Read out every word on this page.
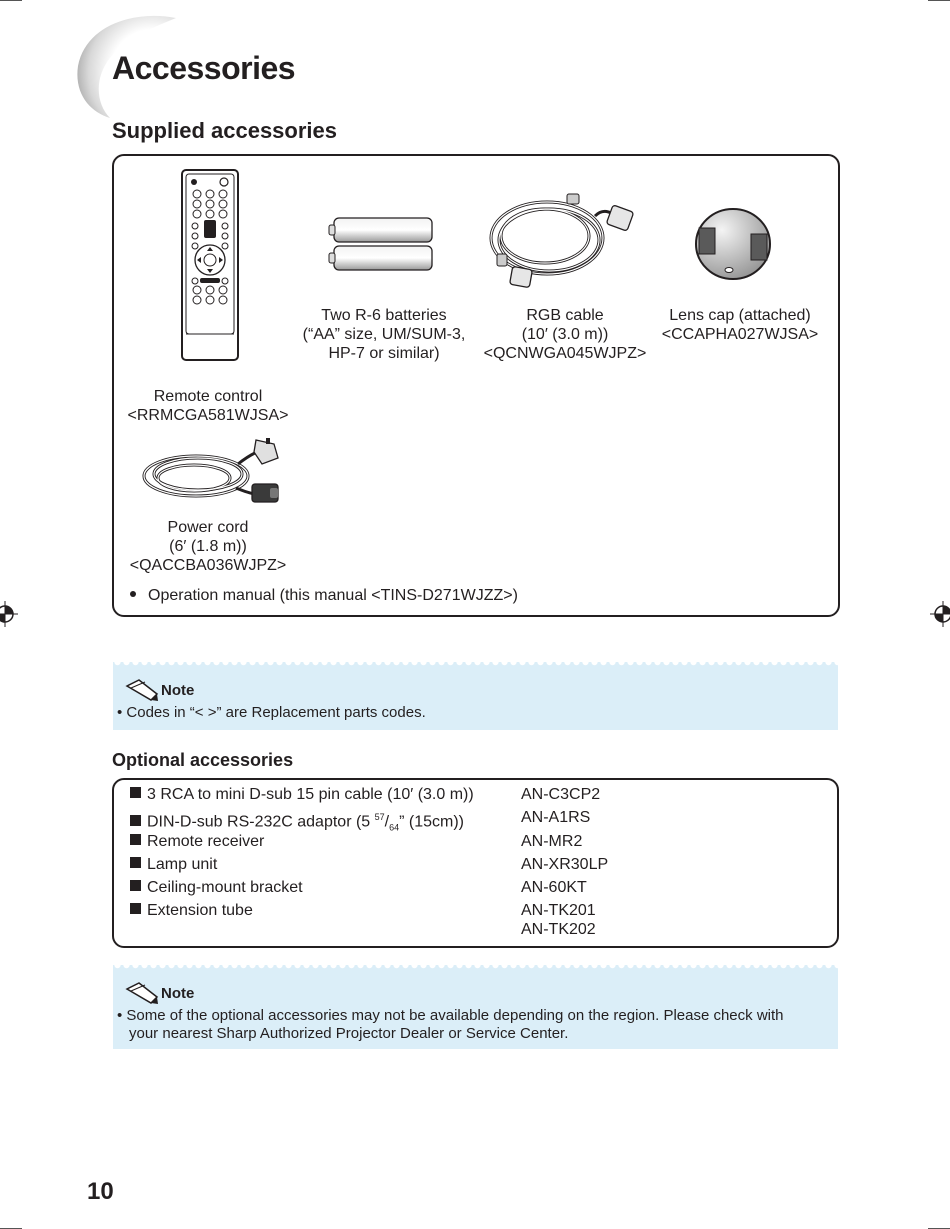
Accessories
Supplied accessories
Two R-6 batteries
(“AA” size, UM/SUM-3,
HP-7 or similar)
RGB cable
(10′ (3.0 m))
<QCNWGA045WJPZ>
Lens cap (attached)
<CCAPHA027WJSA>
Remote control
<RRMCGA581WJSA>
Power cord
(6′ (1.8 m))
<QACCBA036WJPZ>
Operation manual (this manual <TINS-D271WJZZ>)
Note
• Codes in “< >” are Replacement parts codes.
Optional accessories
3 RCA to mini D-sub 15 pin cable (10′ (3.0 m))	AN-C3CP2
DIN-D-sub RS-232C adaptor (5 $^{57}/_{64}$” (15cm))	AN-A1RS
Remote receiver	AN-MR2
Lamp unit	AN-XR30LP
Ceiling-mount bracket	AN-60KT
Extension tube	AN-TK201
AN-TK202
Note
• Some of the optional accessories may not be available depending on the region. Please check with
your nearest Sharp Authorized Projector Dealer or Service Center.
10
